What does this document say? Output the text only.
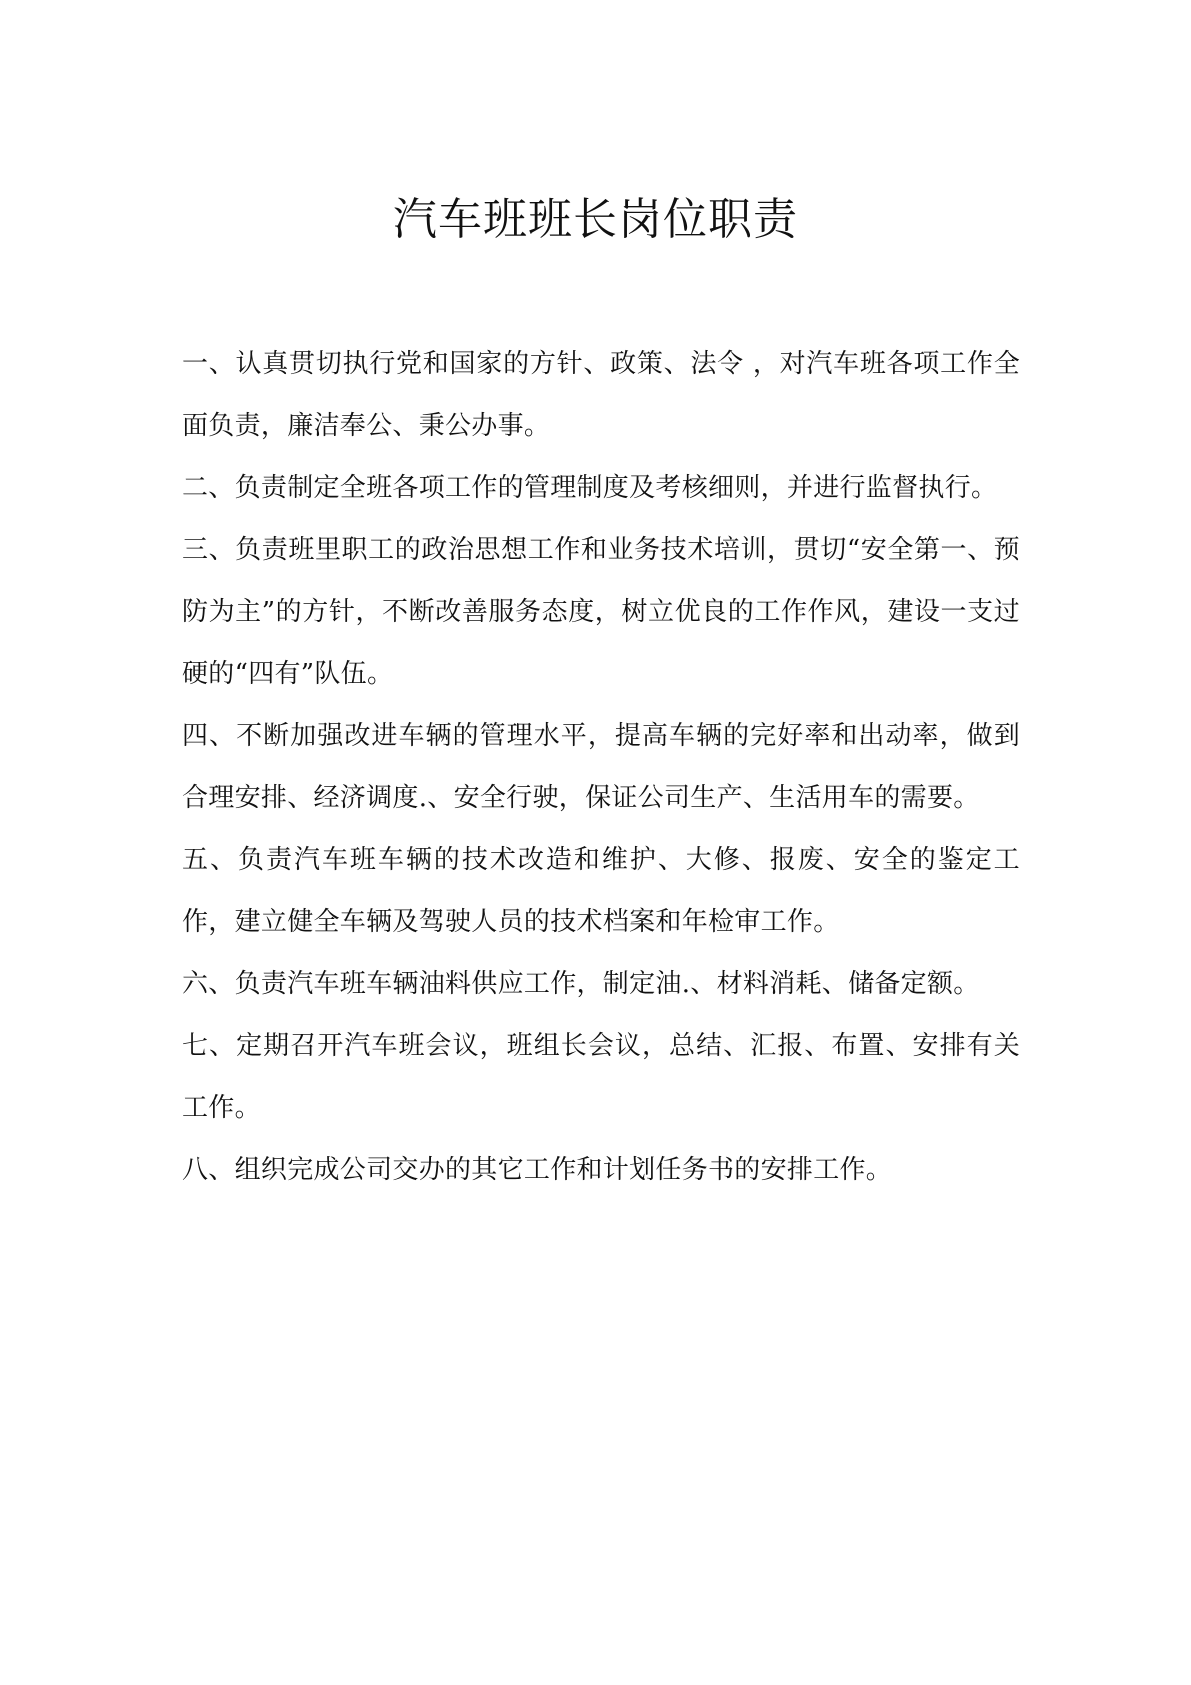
汽车班班长岗位职责

一、认真贯切执行党和国家的方针、政策、法令 ，对汽车班各项工作全面负责，廉洁奉公、秉公办事。

二、负责制定全班各项工作的管理制度及考核细则，并进行监督执行。

三、负责班里职工的政治思想工作和业务技术培训，贯切“安全第一、预防为主”的方针，不断改善服务态度，树立优良的工作作风，建设一支过硬的“四有”队伍。

四、不断加强改进车辆的管理水平，提高车辆的完好率和出动率，做到合理安排、经济调度.、安全行驶，保证公司生产、生活用车的需要。

五、负责汽车班车辆的技术改造和维护、大修、报废、安全的鉴定工作，建立健全车辆及驾驶人员的技术档案和年检审工作。

六、负责汽车班车辆油料供应工作，制定油.、材料消耗、储备定额。

七、定期召开汽车班会议，班组长会议，总结、汇报、布置、安排有关工作。

八、组织完成公司交办的其它工作和计划任务书的安排工作。
